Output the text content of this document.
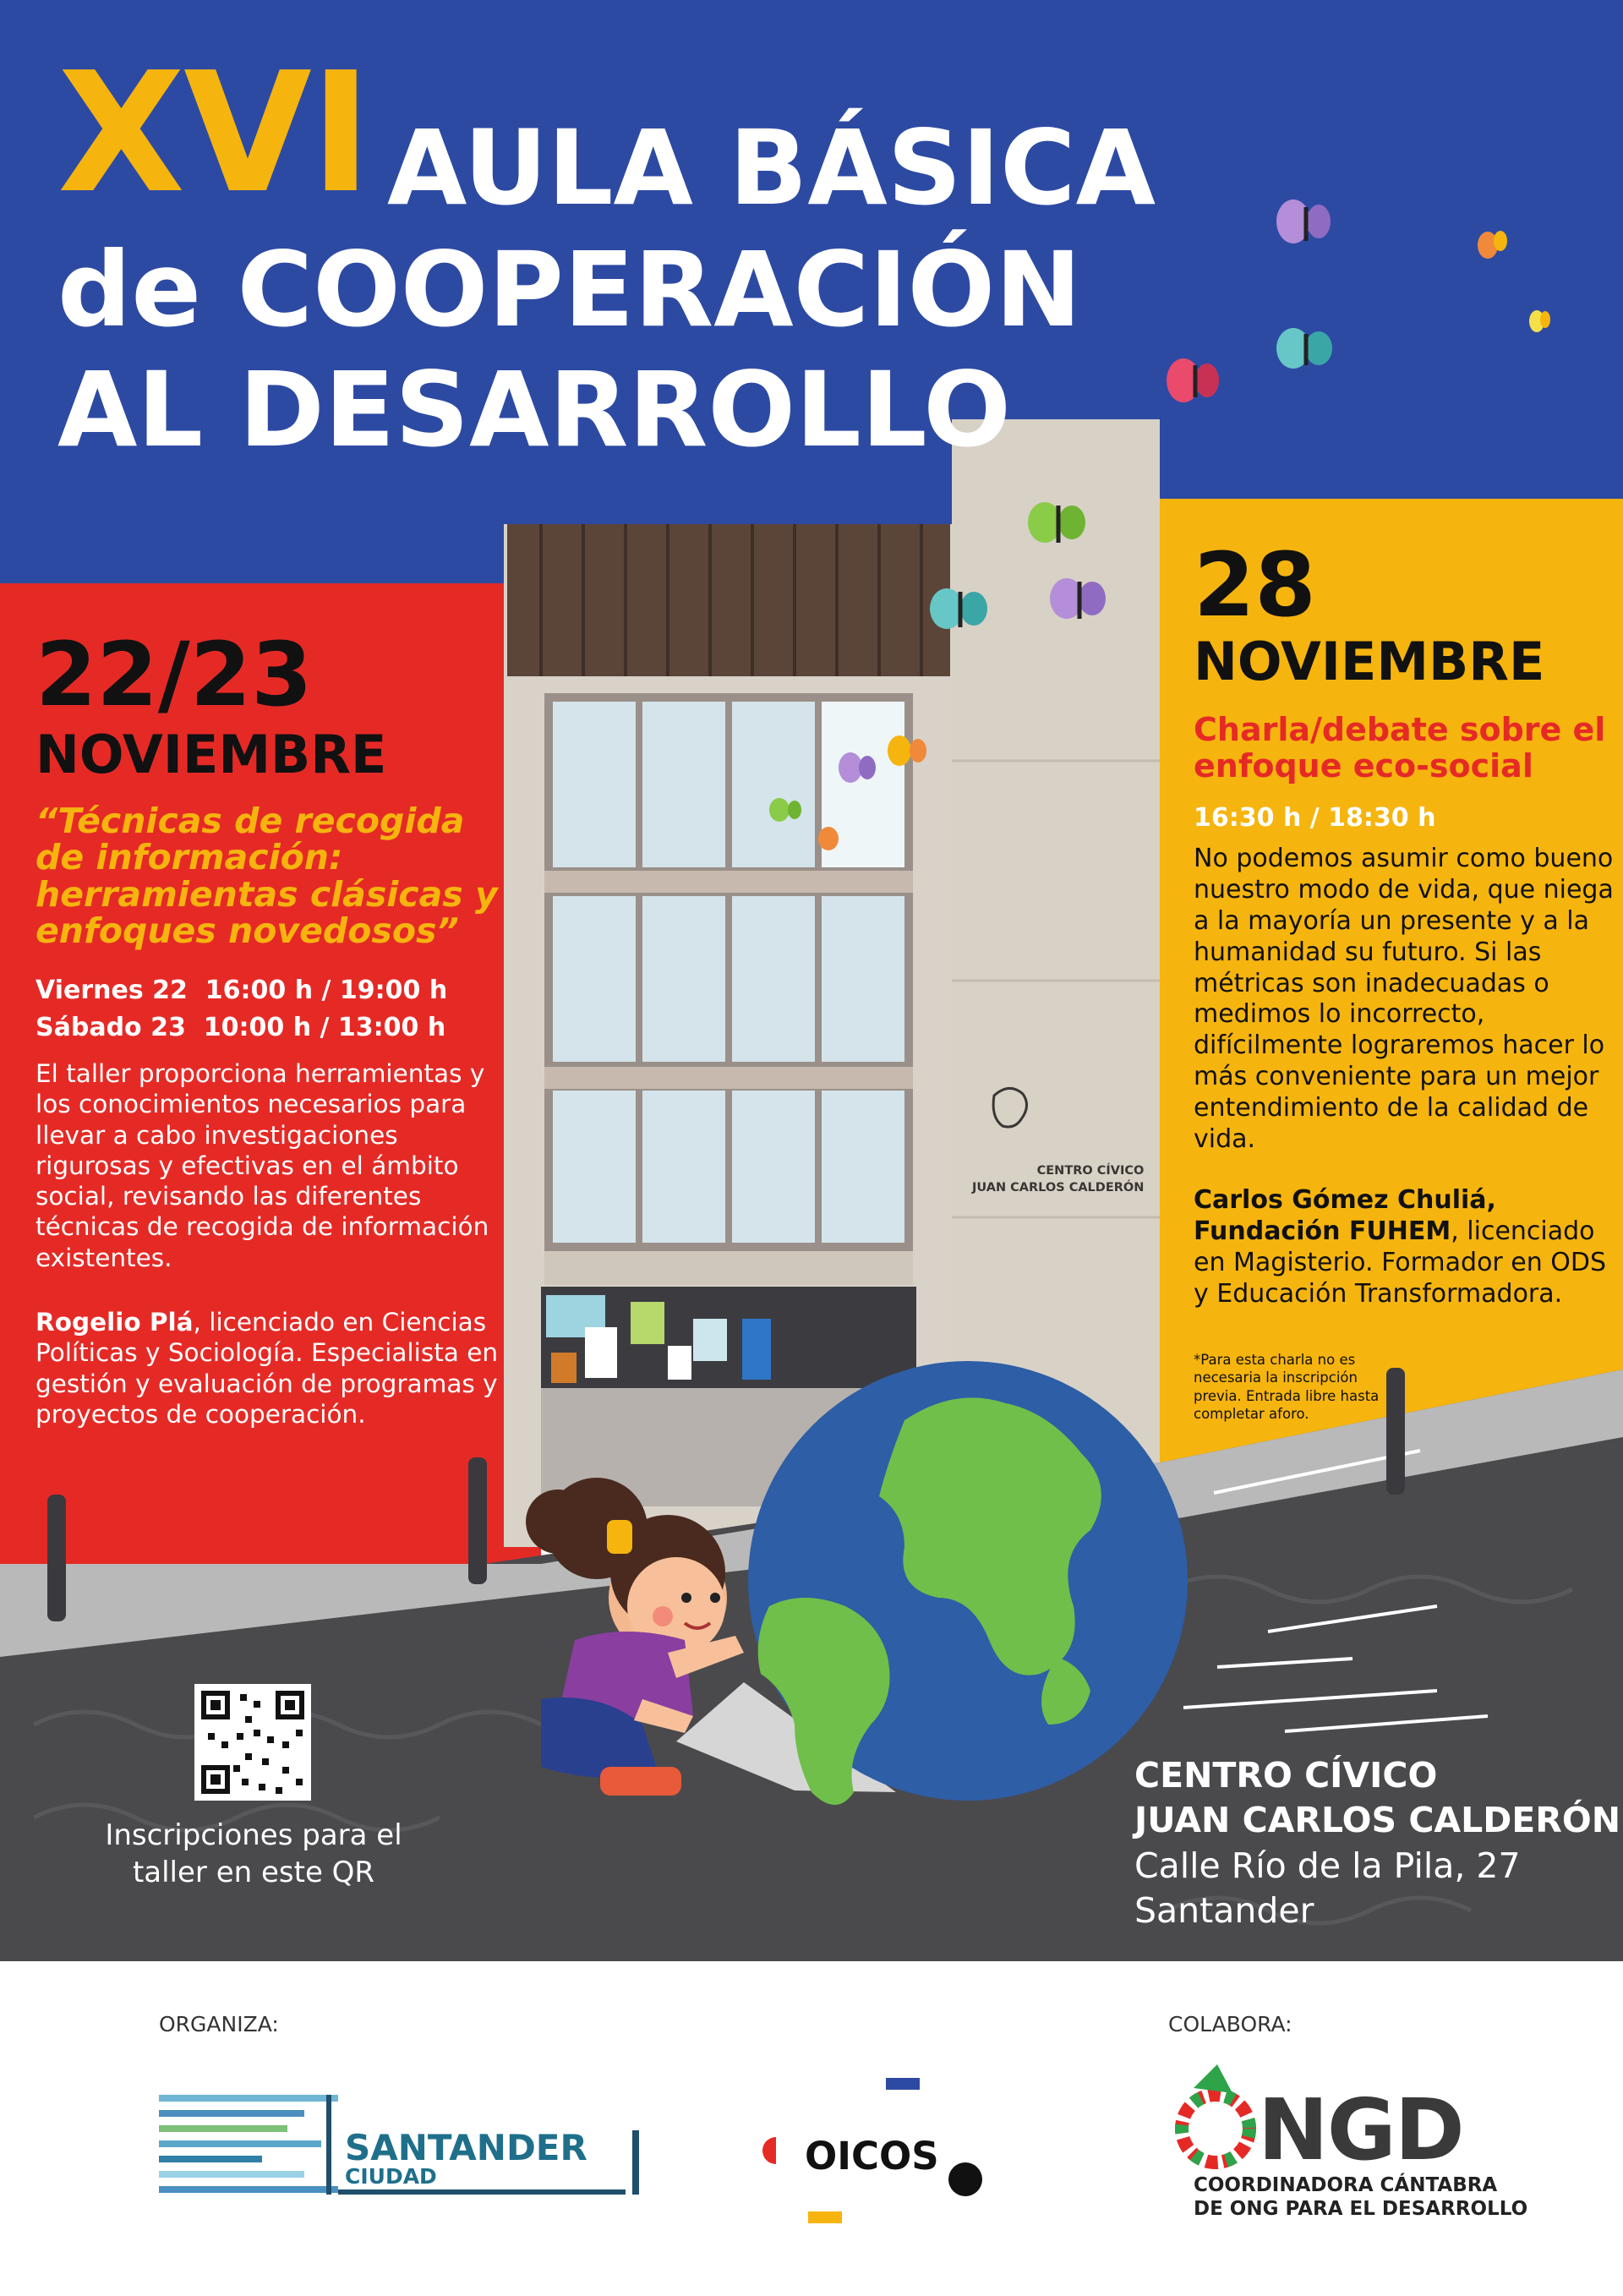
XVI AULA BÁSICA
de COOPERACIÓN
AL DESARROLLO
22/23
NOVIEMBRE
“Técnicas de recogida de información: herramientas clásicas y enfoques novedosos”
Viernes 22 16:00 h / 19:00 h
Sábado 23 10:00 h / 13:00 h
El taller proporciona herramientas y los conocimientos necesarios para llevar a cabo investigaciones rigurosas y efectivas en el ámbito social, revisando las diferentes técnicas de recogida de información existentes.
Rogelio Plá, licenciado en Ciencias Políticas y Sociología. Especialista en gestión y evaluación de programas y proyectos de cooperación.
28
NOVIEMBRE
Charla/debate sobre el enfoque eco-social
16:30 h / 18:30 h
No podemos asumir como bueno nuestro modo de vida, que niega a la mayoría un presente y a la humanidad su futuro. Si las métricas son inadecuadas o medimos lo incorrecto, difícilmente lograremos hacer lo más conveniente para un mejor entendimiento de la calidad de vida.
Carlos Gómez Chuliá, Fundación FUHEM, licenciado en Magisterio. Formador en ODS y Educación Transformadora.
*Para esta charla no es necesaria la inscripción previa. Entrada libre hasta completar aforo.
CENTRO CÍVICO
JUAN CARLOS CALDERÓN
Inscripciones para el taller en este QR
CENTRO CÍVICO
JUAN CARLOS CALDERÓN
Calle Río de la Pila, 27
Santander
ORGANIZA:	COLABORA:
SANTANDER
CIUDAD	OICOS	NGD
COORDINADORA CÁNTABRA
DE ONG PARA EL DESARROLLO
